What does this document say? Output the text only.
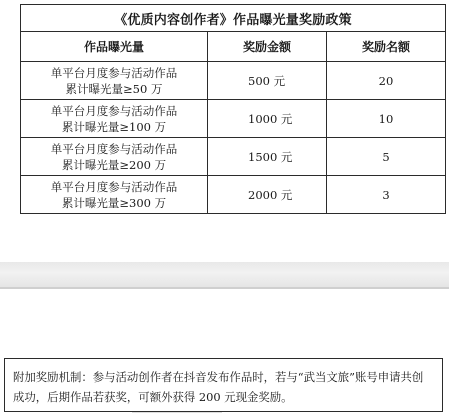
《优质内容创作者》作品曝光量奖励政策		
作品曝光量	奖励金额	奖励名额

单平台月度参与活动作品
累计曝光量≥50 万	500 元	20

单平台月度参与活动作品
累计曝光量≥100 万	1000 元	10

单平台月度参与活动作品
累计曝光量≥200 万	1500 元	5

单平台月度参与活动作品
累计曝光量≥300 万	2000 元	3
附加奖励机制：参与活动创作者在抖音发布作品时，若与“武当文旅”账号申请共创成功，后期作品若获奖，可额外获得 200 元现金奖励。
